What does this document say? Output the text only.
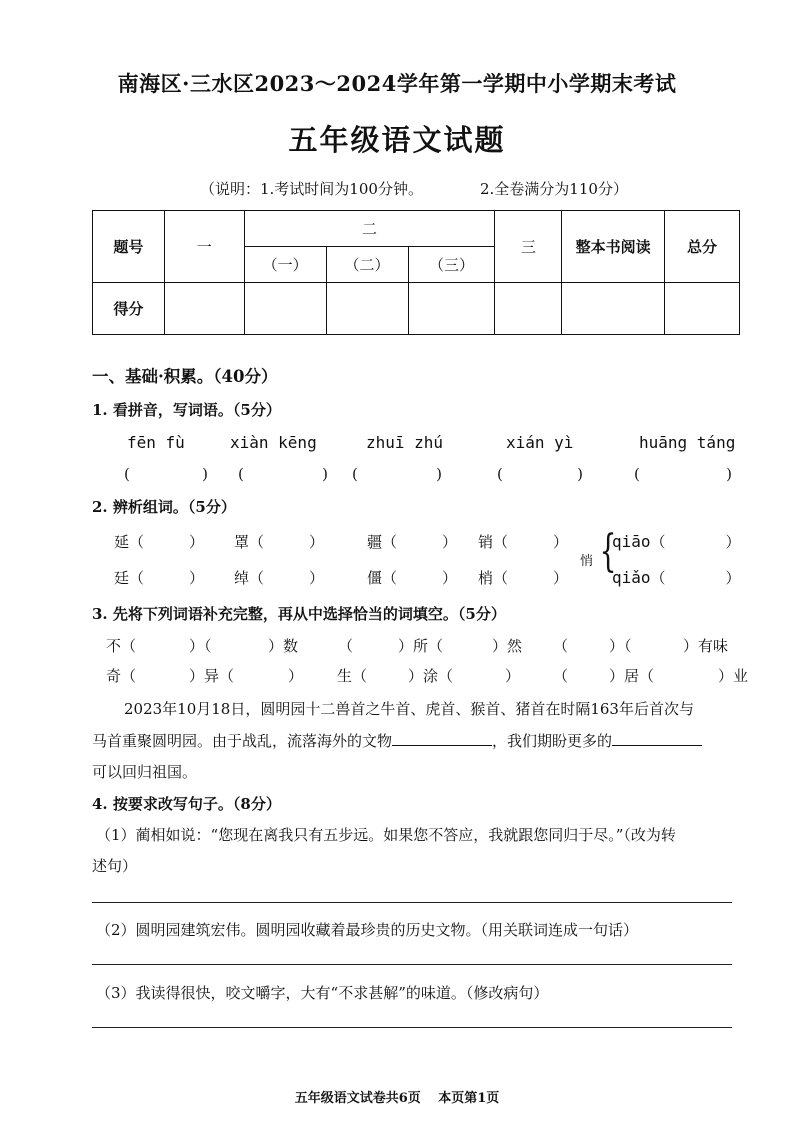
南海区·三水区2023～2024学年第一学期中小学期末考试
五年级语文试题
（说明：1.考试时间为100分钟。	2.全卷满分为110分）
题号	一	二			三	整本书阅读	总分
		（一）	（二）	（三）			
得分							
一、基础·积累。（40分）
1. 看拼音，写词语。（5分）
fēn fù	xiàn kēng	zhuī zhú	xián yì	huāng táng
(	) (	) (	)	(	)	(	)
2. 辨析组词。（5分）
延（　　　） 罩（　　　）	疆（　　　） 销（　　　）
廷（　　　） 绰（　　　）	僵（　　　） 梢（　　　）
悄 {
qiāo（　　　　）
qiǎo（　　　　）
3. 先将下列词语补充完整，再从中选择恰当的词填空。（5分）
不（	）（	）数	（	）所（	）然 （	）（	）有味
奇（	）异（	） 生（	）涂（	） （	）居（	）业
2023年10月18日，圆明园十二兽首之牛首、虎首、猴首、猪首在时隔163年后首次与
马首重聚圆明园。由于战乱，流落海外的文物	，我们期盼更多的
可以回归祖国。
4. 按要求改写句子。（8分）
（1）蔺相如说：“您现在离我只有五步远。如果您不答应，我就跟您同归于尽。”（改为转
述句）
（2）圆明园建筑宏伟。圆明园收藏着最珍贵的历史文物。（用关联词连成一句话）
（3）我读得很快，咬文嚼字，大有“不求甚解”的味道。（修改病句）
五年级语文试卷共6页　 本页第1页
